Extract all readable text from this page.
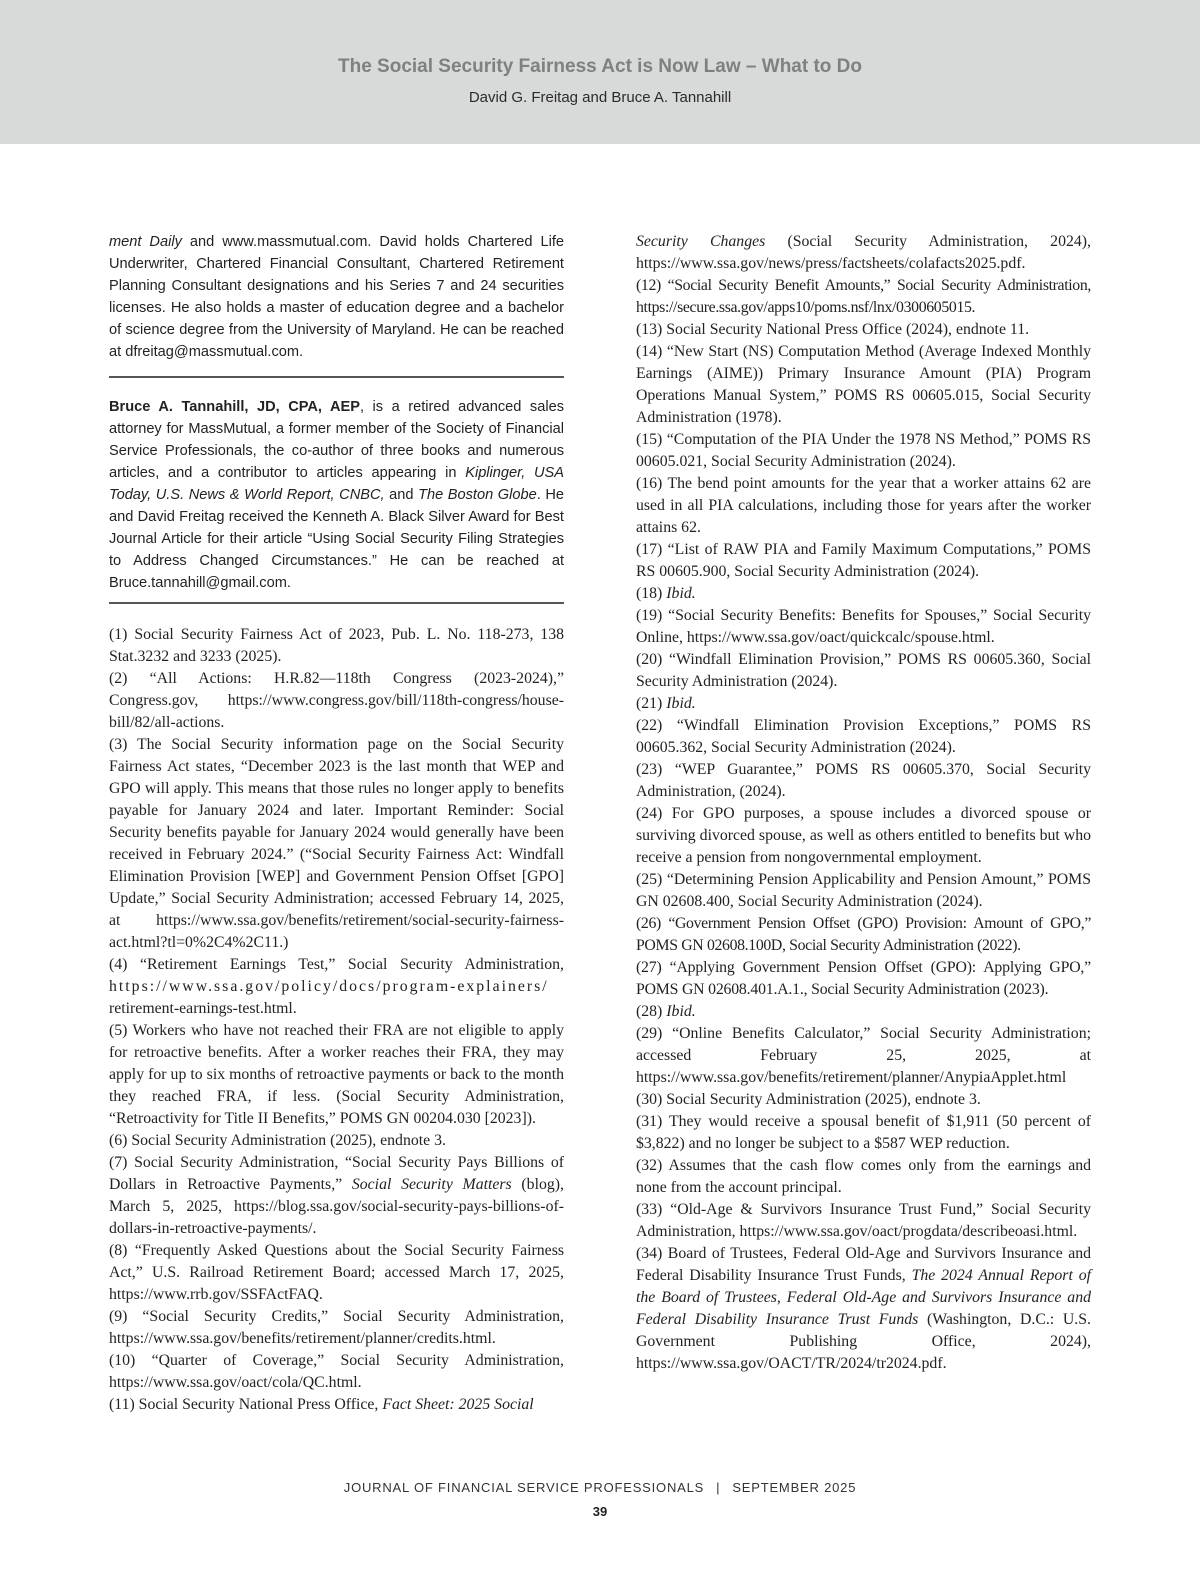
The Social Security Fairness Act is Now Law – What to Do
David G. Freitag and Bruce A. Tannahill

ment Daily and www.massmutual.com. David holds Chartered Life Underwriter, Chartered Financial Consultant, Chartered Retirement Planning Consultant designations and his Series 7 and 24 securities licenses. He also holds a master of education degree and a bachelor of science degree from the University of Maryland. He can be reached at dfreitag@massmutual.com.

Bruce A. Tannahill, JD, CPA, AEP, is a retired advanced sales attorney for MassMutual, a former member of the Society of Financial Service Professionals, the co-author of three books and numerous articles, and a contributor to articles appearing in Kiplinger, USA Today, U.S. News & World Report, CNBC, and The Boston Globe. He and David Freitag received the Kenneth A. Black Silver Award for Best Journal Article for their article “Using Social Security Filing Strategies to Address Changed Circumstances.” He can be reached at Bruce.tannahill@gmail.com.

(1) Social Security Fairness Act of 2023, Pub. L. No. 118-273, 138 Stat.3232 and 3233 (2025).

(2) “All Actions: H.R.82—118th Congress (2023-2024),” Congress.gov, https://www.congress.gov/bill/118th-congress/house-bill/82/all-actions.

(3) The Social Security information page on the Social Security Fairness Act states, “December 2023 is the last month that WEP and GPO will apply. This means that those rules no longer apply to benefits payable for January 2024 and later. Important Reminder: Social Security benefits payable for January 2024 would generally have been received in February 2024.” (“Social Security Fairness Act: Windfall Elimination Provision [WEP] and Government Pension Offset [GPO] Update,” Social Security Administration; accessed February 14, 2025, at https://www.ssa.gov/benefits/retirement/social-security-fairness-act.html?tl=0%2C4%2C11.)

(4) “Retirement Earnings Test,” Social Security Administration, https://www.ssa.gov/policy/docs/program-explainers/ retirement-earnings-test.html.

(5) Workers who have not reached their FRA are not eligible to apply for retroactive benefits. After a worker reaches their FRA, they may apply for up to six months of retroactive payments or back to the month they reached FRA, if less. (Social Security Administration, “Retroactivity for Title II Benefits,” POMS GN 00204.030 [2023]).

(6) Social Security Administration (2025), endnote 3.

(7) Social Security Administration, “Social Security Pays Billions of Dollars in Retroactive Payments,” Social Security Matters (blog), March 5, 2025, https://blog.ssa.gov/social-security-pays-billions-of-dollars-in-retroactive-payments/.

(8) “Frequently Asked Questions about the Social Security Fairness Act,” U.S. Railroad Retirement Board; accessed March 17, 2025, https://www.rrb.gov/SSFActFAQ.

(9) “Social Security Credits,” Social Security Administration, https://www.ssa.gov/benefits/retirement/planner/credits.html.

(10) “Quarter of Coverage,” Social Security Administration, https://www.ssa.gov/oact/cola/QC.html.

(11) Social Security National Press Office, Fact Sheet: 2025 Social

Security Changes (Social Security Administration, 2024), https://www.ssa.gov/news/press/factsheets/colafacts2025.pdf.

(12) “Social Security Benefit Amounts,” Social Security Administration, https://secure.ssa.gov/apps10/poms.nsf/lnx/0300605015.

(13) Social Security National Press Office (2024), endnote 11.

(14) “New Start (NS) Computation Method (Average Indexed Monthly Earnings (AIME)) Primary Insurance Amount (PIA) Program Operations Manual System,” POMS RS 00605.015, Social Security Administration (1978).

(15) “Computation of the PIA Under the 1978 NS Method,” POMS RS 00605.021, Social Security Administration (2024).

(16) The bend point amounts for the year that a worker attains 62 are used in all PIA calculations, including those for years after the worker attains 62.

(17) “List of RAW PIA and Family Maximum Computations,” POMS RS 00605.900, Social Security Administration (2024).

(18) Ibid.

(19) “Social Security Benefits: Benefits for Spouses,” Social Security Online, https://www.ssa.gov/oact/quickcalc/spouse.html.

(20) “Windfall Elimination Provision,” POMS RS 00605.360, Social Security Administration (2024).

(21) Ibid.

(22) “Windfall Elimination Provision Exceptions,” POMS RS 00605.362, Social Security Administration (2024).

(23) “WEP Guarantee,” POMS RS 00605.370, Social Security Administration, (2024).

(24) For GPO purposes, a spouse includes a divorced spouse or surviving divorced spouse, as well as others entitled to benefits but who receive a pension from nongovernmental employment.

(25) “Determining Pension Applicability and Pension Amount,” POMS GN 02608.400, Social Security Administration (2024).

(26) “Government Pension Offset (GPO) Provision: Amount of GPO,” POMS GN 02608.100D, Social Security Administration (2022).

(27) “Applying Government Pension Offset (GPO): Applying GPO,” POMS GN 02608.401.A.1., Social Security Administration (2023).

(28) Ibid.

(29) “Online Benefits Calculator,” Social Security Administration; accessed February 25, 2025, at https://www.ssa.gov/benefits/retirement/planner/AnypiaApplet.html

(30) Social Security Administration (2025), endnote 3.

(31) They would receive a spousal benefit of $1,911 (50 percent of $3,822) and no longer be subject to a $587 WEP reduction.

(32) Assumes that the cash flow comes only from the earnings and none from the account principal.

(33) “Old-Age & Survivors Insurance Trust Fund,” Social Security Administration, https://www.ssa.gov/oact/progdata/describeoasi.html.

(34) Board of Trustees, Federal Old-Age and Survivors Insurance and Federal Disability Insurance Trust Funds, The 2024 Annual Report of the Board of Trustees, Federal Old-Age and Survivors Insurance and Federal Disability Insurance Trust Funds (Washington, D.C.: U.S. Government Publishing Office, 2024), https://www.ssa.gov/OACT/TR/2024/tr2024.pdf.

JOURNAL OF FINANCIAL SERVICE PROFESSIONALS | SEPTEMBER 2025
39
